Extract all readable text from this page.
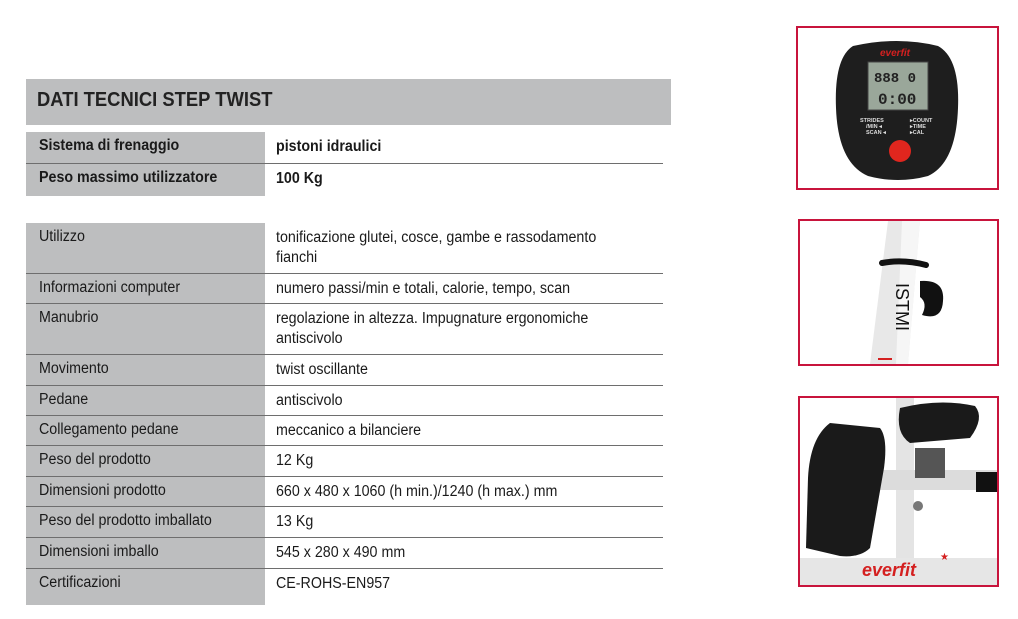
DATI TECNICI STEP TWIST
Sistema di frenaggio	pistoni idraulici
Peso massimo utilizzatore	100 Kg
Utilizzo	tonificazione glutei, cosce, gambe e rassodamento fianchi
Informazioni computer	numero passi/min e totali, calorie, tempo, scan
Manubrio	regolazione in altezza. Impugnature ergonomiche antiscivolo
Movimento	twist oscillante
Pedane	antiscivolo
Collegamento pedane	meccanico a bilanciere
Peso del prodotto	12 Kg
Dimensioni prodotto	660 x 480 x 1060 (h min.)/1240 (h max.) mm
Peso del prodotto imballato	13 Kg
Dimensioni imballo	545 x 280 x 490 mm
Certificazioni	CE-ROHS-EN957
everfit
888 0
0:00
STRIDES
/MIN ◂
SCAN ◂
▸COUNT
▸TIME
▸CAL
ISTMI
everfit
★
